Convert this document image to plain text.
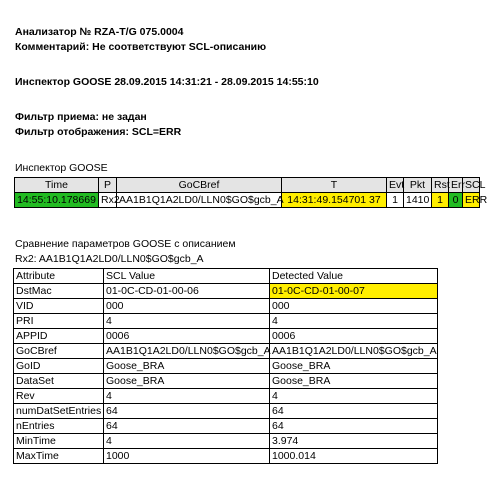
Анализатор № RZA-T/G 075.0004
Комментарий: Не соответствуют SCL-описанию
Инспектор GOOSE 28.09.2015 14:31:21 - 28.09.2015 14:55:10
Фильтр приема: не задан
Фильтр отображения: SCL=ERR
Инспектор GOOSE
Time	P	GoCBref	T	Evt	Pkt	Rst	Err	SCL
14:55:10.178669	Rx2	AA1B1Q1A2LD0/LLN0$GO$gcb_A	14:31:49.154701 37	1	1410	1	0	ERR
Сравнение параметров GOOSE с описанием
Rx2: AA1B1Q1A2LD0/LLN0$GO$gcb_A
Attribute	SCL Value	Detected Value
DstMac	01-0C-CD-01-00-06	01-0C-CD-01-00-07
VID	000	000
PRI	4	4
APPID	0006	0006
GoCBref	AA1B1Q1A2LD0/LLN0$GO$gcb_A	AA1B1Q1A2LD0/LLN0$GO$gcb_A
GoID	Goose_BRA	Goose_BRA
DataSet	Goose_BRA	Goose_BRA
Rev	4	4
numDatSetEntries	64	64
nEntries	64	64
MinTime	4	3.974
MaxTime	1000	1000.014
